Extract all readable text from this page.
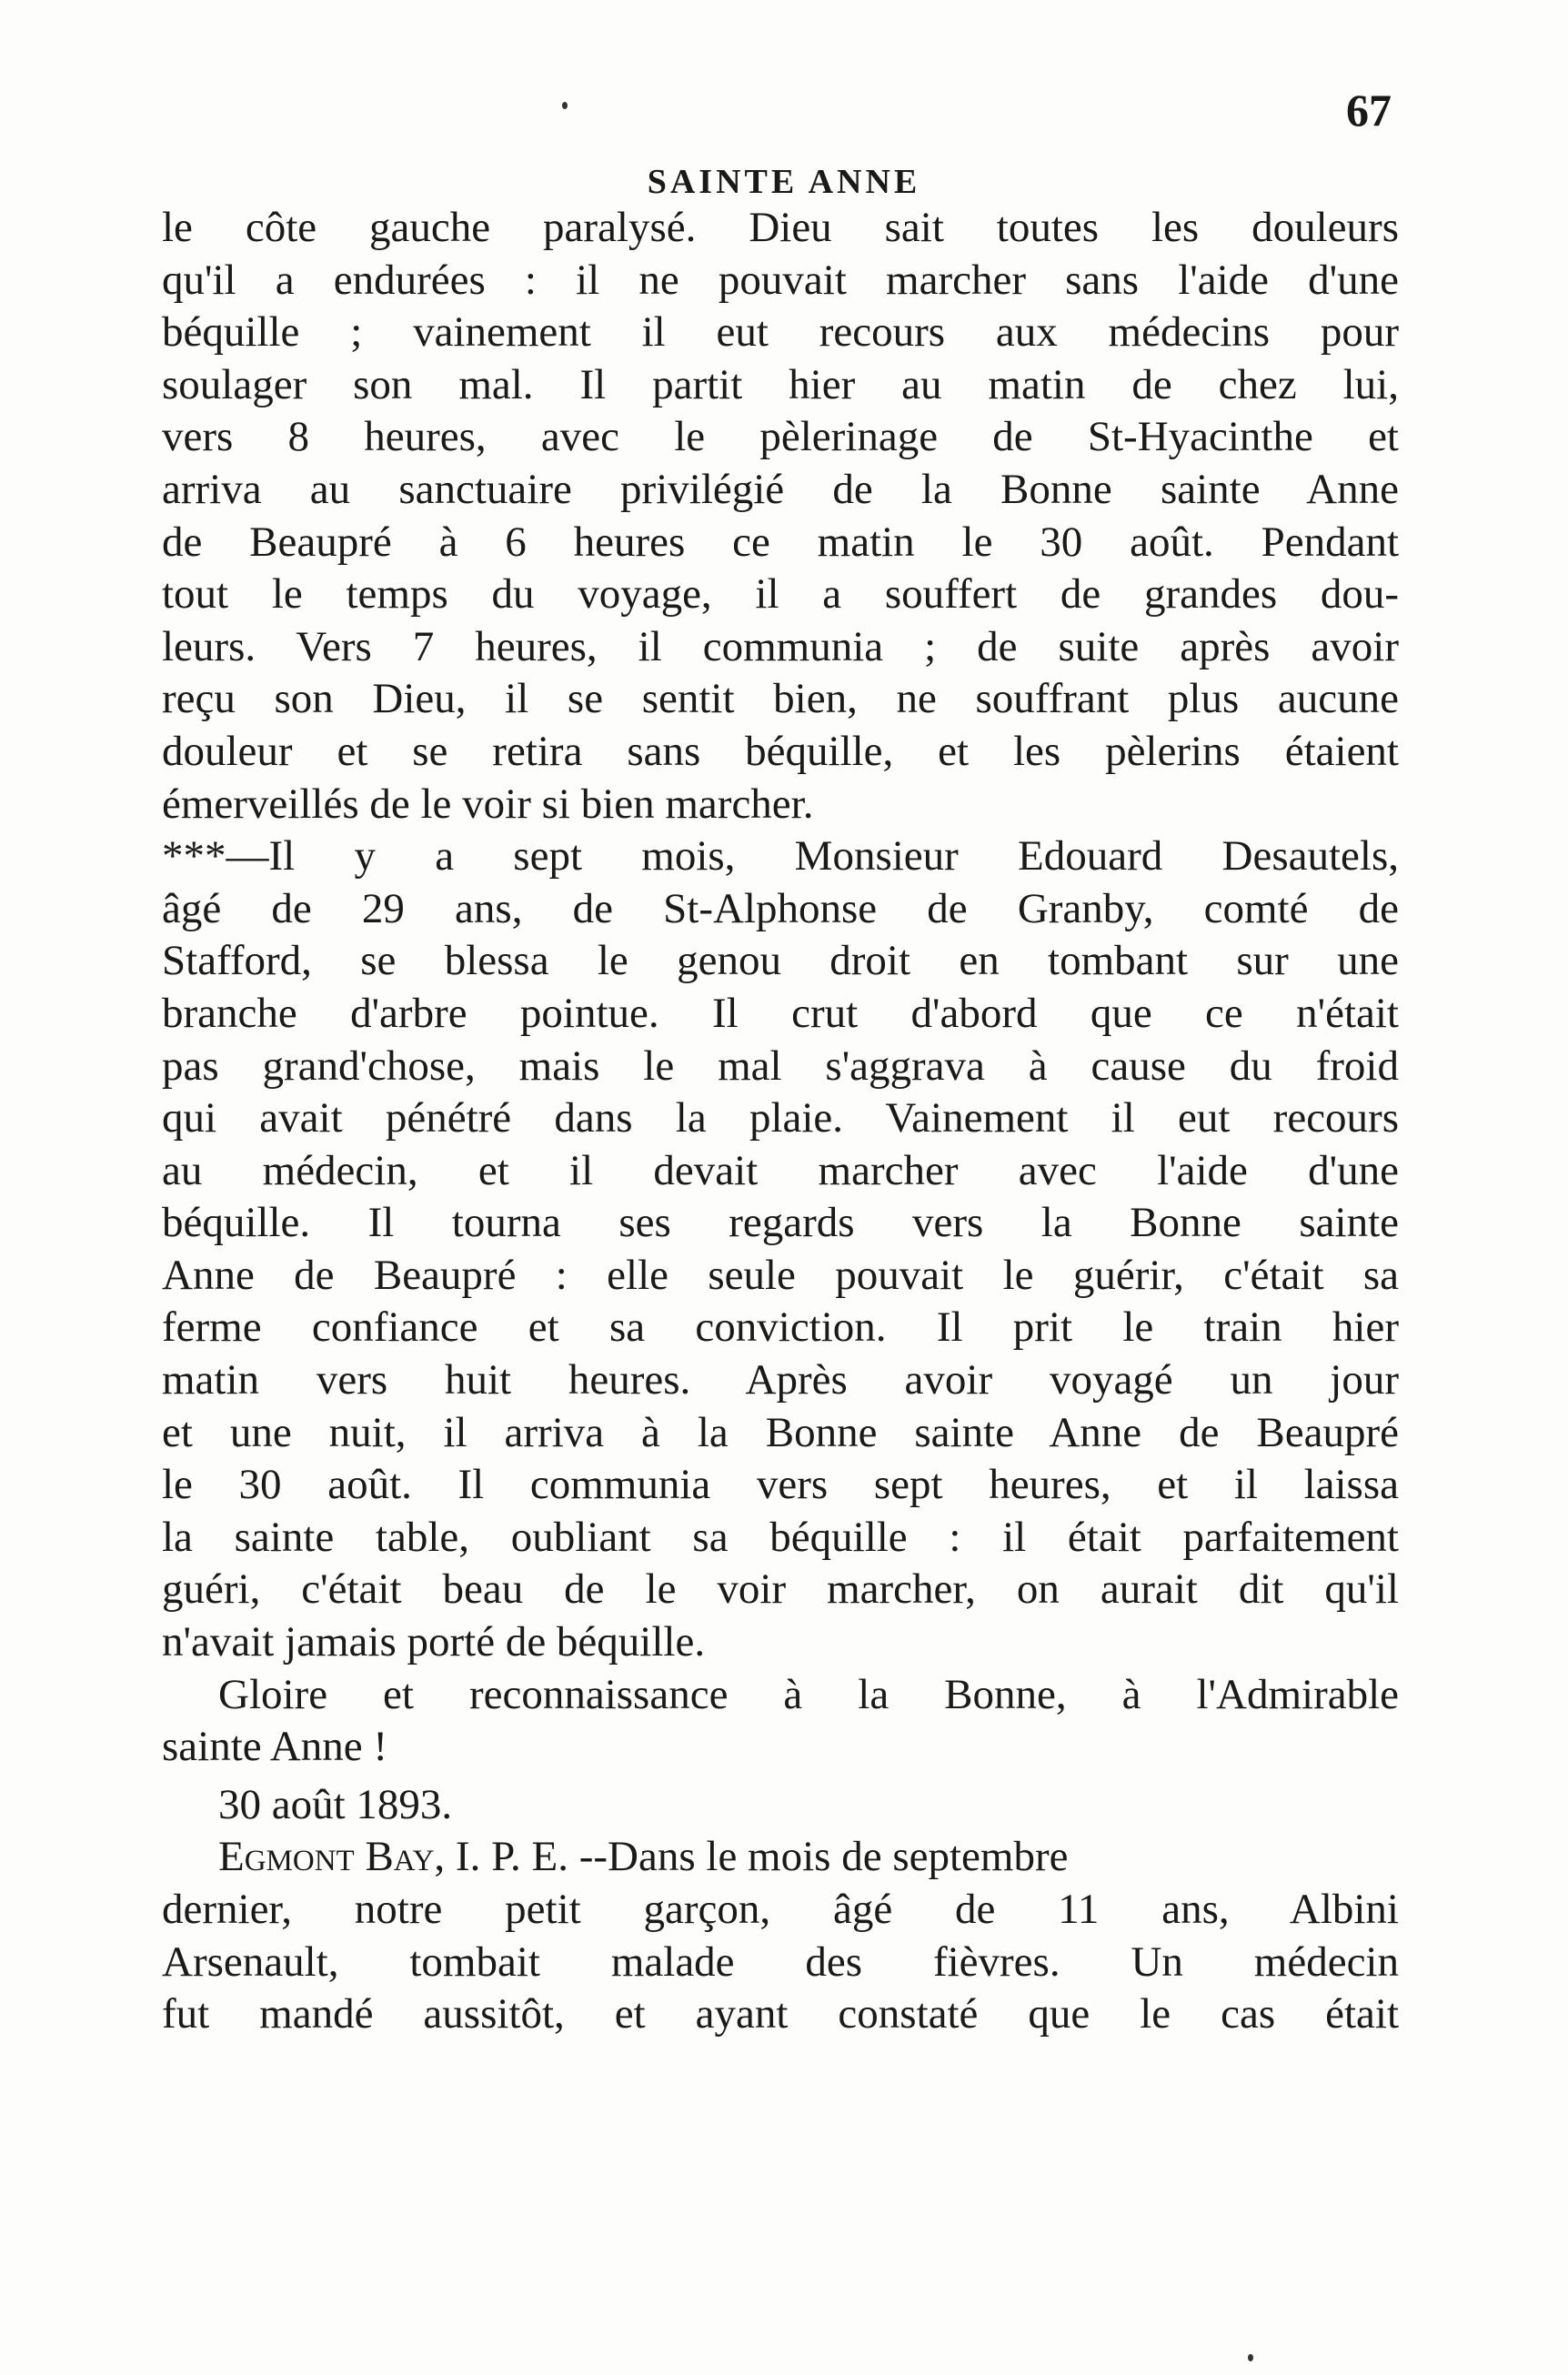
67
SAINTE ANNE
le côte gauche paralysé. Dieu sait toutes les douleurs
qu'il a endurées : il ne pouvait marcher sans l'aide d'une
béquille ; vainement il eut recours aux médecins pour
soulager son mal. Il partit hier au matin de chez lui,
vers 8 heures, avec le pèlerinage de St-Hyacinthe et
arriva au sanctuaire privilégié de la Bonne sainte Anne
de Beaupré à 6 heures ce matin le 30 août. Pendant
tout le temps du voyage, il a souffert de grandes dou-
leurs. Vers 7 heures, il communia ; de suite après avoir
reçu son Dieu, il se sentit bien, ne souffrant plus aucune
douleur et se retira sans béquille, et les pèlerins étaient
émerveillés de le voir si bien marcher.
***—Il y a sept mois, Monsieur Edouard Desautels,
âgé de 29 ans, de St-Alphonse de Granby, comté de
Stafford, se blessa le genou droit en tombant sur une
branche d'arbre pointue. Il crut d'abord que ce n'était
pas grand'chose, mais le mal s'aggrava à cause du froid
qui avait pénétré dans la plaie. Vainement il eut recours
au médecin, et il devait marcher avec l'aide d'une
béquille. Il tourna ses regards vers la Bonne sainte
Anne de Beaupré : elle seule pouvait le guérir, c'était sa
ferme confiance et sa conviction. Il prit le train hier
matin vers huit heures. Après avoir voyagé un jour
et une nuit, il arriva à la Bonne sainte Anne de Beaupré
le 30 août. Il communia vers sept heures, et il laissa
la sainte table, oubliant sa béquille : il était parfaitement
guéri, c'était beau de le voir marcher, on aurait dit qu'il
n'avait jamais porté de béquille.
Gloire et reconnaissance à la Bonne, à l'Admirable
sainte Anne !
30 août 1893.
Egmont Bay, I. P. E. --Dans le mois de septembre
dernier, notre petit garçon, âgé de 11 ans, Albini
Arsenault, tombait malade des fièvres. Un médecin
fut mandé aussitôt, et ayant constaté que le cas était
